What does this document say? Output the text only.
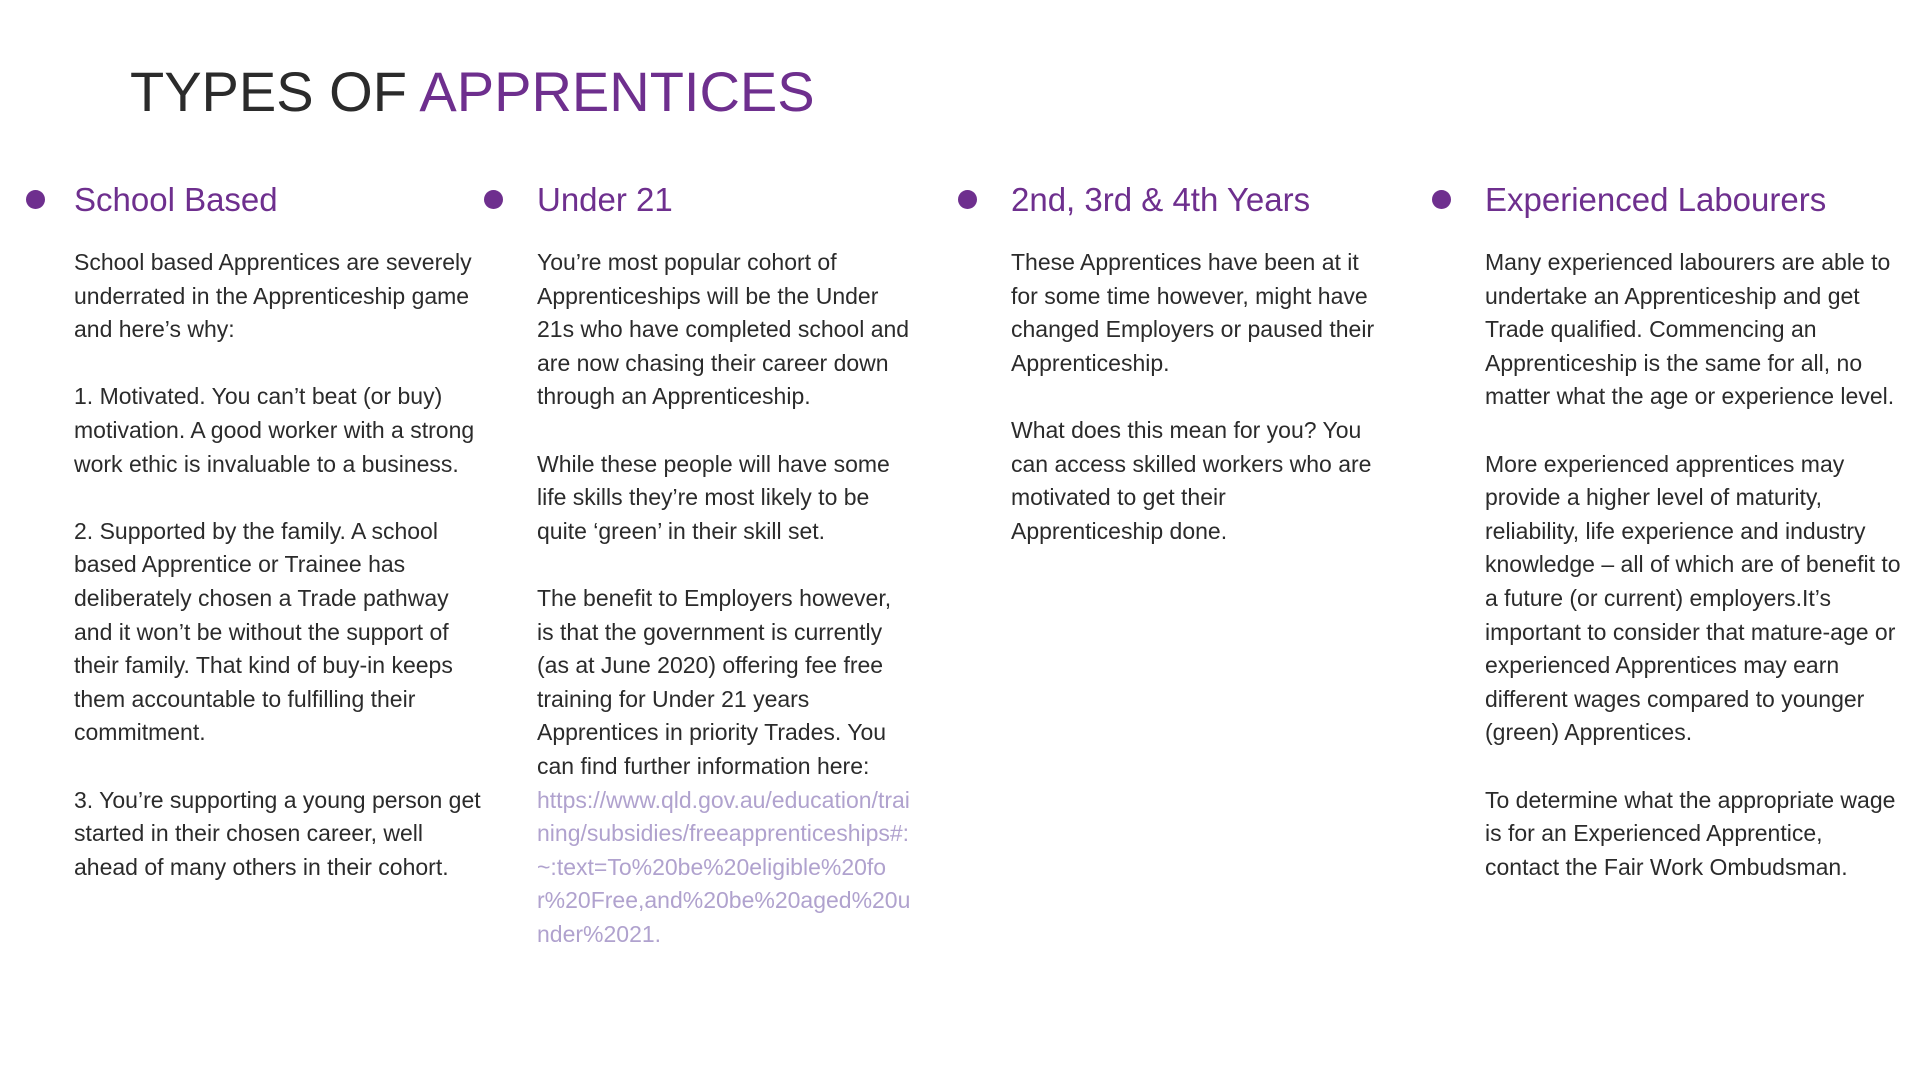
TYPES OF APPRENTICES
School Based

School based Apprentices are severely underrated in the Apprenticeship game and here’s why:

1. Motivated. You can’t beat (or buy) motivation. A good worker with a strong work ethic is invaluable to a business.

2. Supported by the family. A school based Apprentice or Trainee has deliberately chosen a Trade pathway and it won’t be without the support of their family. That kind of buy-in keeps them accountable to fulfilling their commitment.

3. You’re supporting a young person get started in their chosen career, well ahead of many others in their cohort.

Under 21

You’re most popular cohort of Apprenticeships will be the Under 21s who have completed school and are now chasing their career down through an Apprenticeship.

While these people will have some life skills they’re most likely to be quite ‘green’ in their skill set.

The benefit to Employers however, is that the government is currently (as at June 2020) offering fee free training for Under 21 years Apprentices in priority Trades. You can find further information here:

https://www.qld.gov.au/education/training/subsidies/freeapprenticeships#:~:text=To%20be%20eligible%20for%20Free,and%20be%20aged%20under%2021.
2nd, 3rd & 4th Years

These Apprentices have been at it for some time however, might have changed Employers or paused their Apprenticeship.

What does this mean for you? You can access skilled workers who are motivated to get their Apprenticeship done.

Experienced Labourers

Many experienced labourers are able to undertake an Apprenticeship and get Trade qualified. Commencing an Apprenticeship is the same for all, no matter what the age or experience level.

More experienced apprentices may provide a higher level of maturity, reliability, life experience and industry knowledge – all of which are of benefit to a future (or current) employers.It’s important to consider that mature-age or experienced Apprentices may earn different wages compared to younger (green) Apprentices.

To determine what the appropriate wage is for an Experienced Apprentice, contact the Fair Work Ombudsman.
